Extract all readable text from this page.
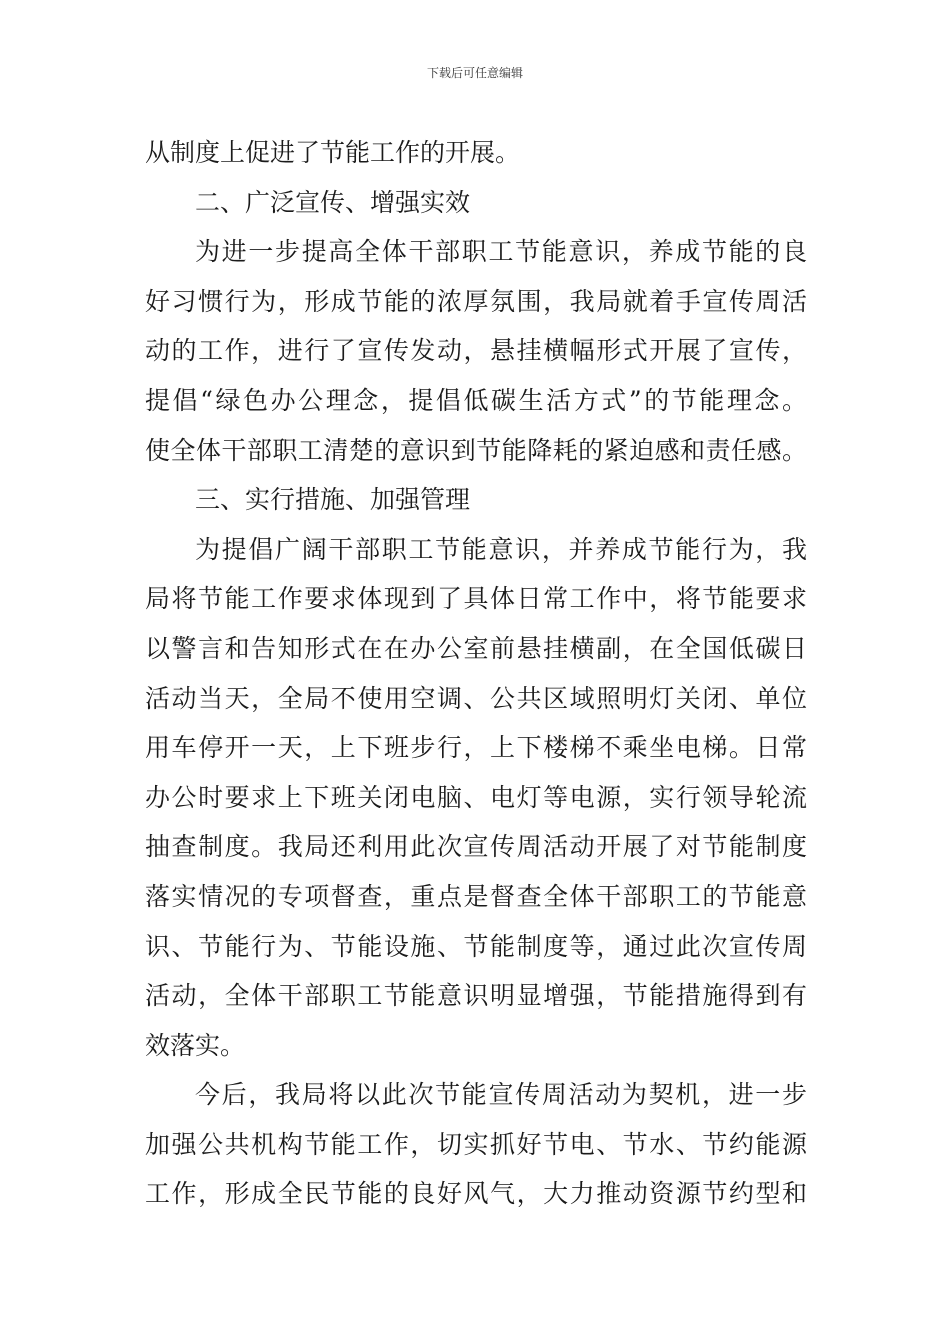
下载后可任意编辑
从制度上促进了节能工作的开展。
二、广泛宣传、增强实效
为进一步提高全体干部职工节能意识，养成节能的良
好习惯行为，形成节能的浓厚氛围，我局就着手宣传周活
动的工作，进行了宣传发动，悬挂横幅形式开展了宣传，
提倡“绿色办公理念，提倡低碳生活方式”的节能理念。
使全体干部职工清楚的意识到节能降耗的紧迫感和责任感。
三、实行措施、加强管理
为提倡广阔干部职工节能意识，并养成节能行为，我
局将节能工作要求体现到了具体日常工作中，将节能要求
以警言和告知形式在在办公室前悬挂横副，在全国低碳日
活动当天，全局不使用空调、公共区域照明灯关闭、单位
用车停开一天，上下班步行，上下楼梯不乘坐电梯。日常
办公时要求上下班关闭电脑、电灯等电源，实行领导轮流
抽查制度。我局还利用此次宣传周活动开展了对节能制度
落实情况的专项督查，重点是督查全体干部职工的节能意
识、节能行为、节能设施、节能制度等，通过此次宣传周
活动，全体干部职工节能意识明显增强，节能措施得到有
效落实。
今后，我局将以此次节能宣传周活动为契机，进一步
加强公共机构节能工作，切实抓好节电、节水、节约能源
工作，形成全民节能的良好风气，大力推动资源节约型和
